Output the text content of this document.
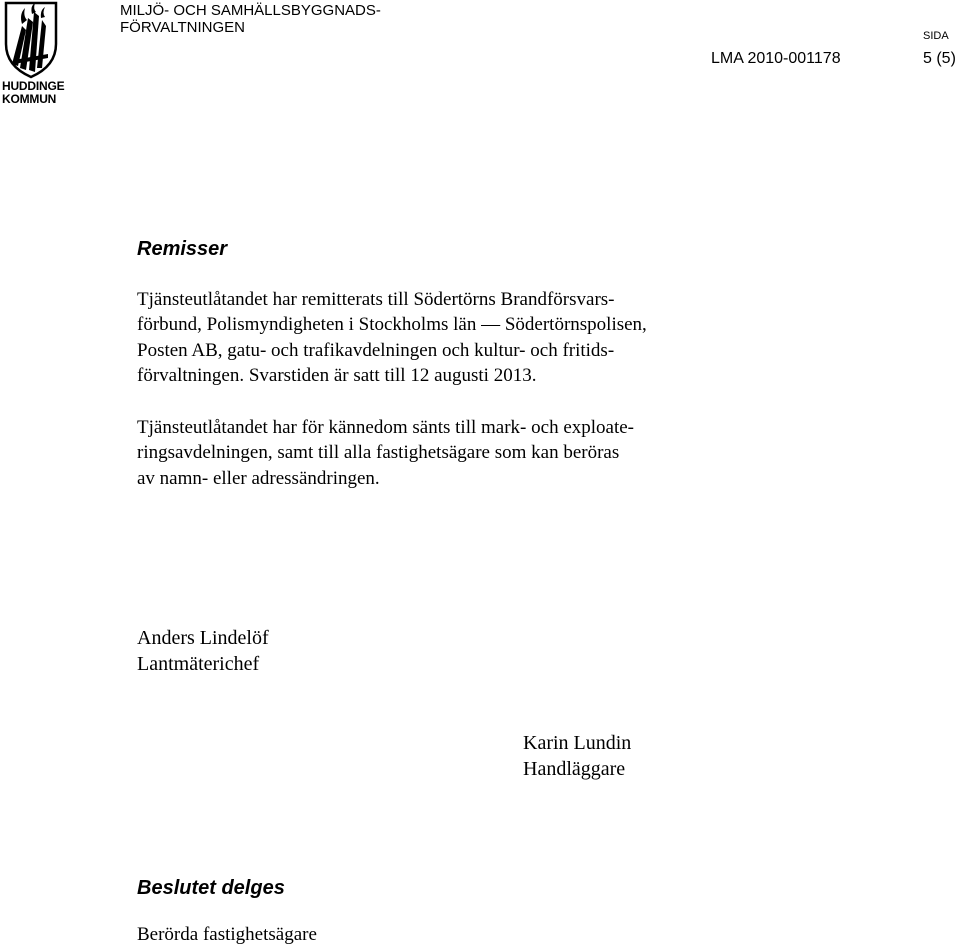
HUDDINGE
KOMMUN
MILJÖ- OCH SAMHÄLLSBYGGNADS-
FÖRVALTNINGEN	SIDA
LMA 2010-001178	5 (5)
Remisser
Tjänsteutlåtandet har remitterats till Södertörns Brandförsvars-
förbund, Polismyndigheten i Stockholms län — Södertörnspolisen,
Posten AB, gatu- och trafikavdelningen och kultur- och fritids-
förvaltningen. Svarstiden är satt till 12 augusti 2013.
Tjänsteutlåtandet har för kännedom sänts till mark- och exploate-
ringsavdelningen, samt till alla fastighetsägare som kan beröras
av namn- eller adressändringen.
Anders Lindelöf
Lantmäterichef
Karin Lundin
Handläggare
Beslutet delges
Berörda fastighetsägare
